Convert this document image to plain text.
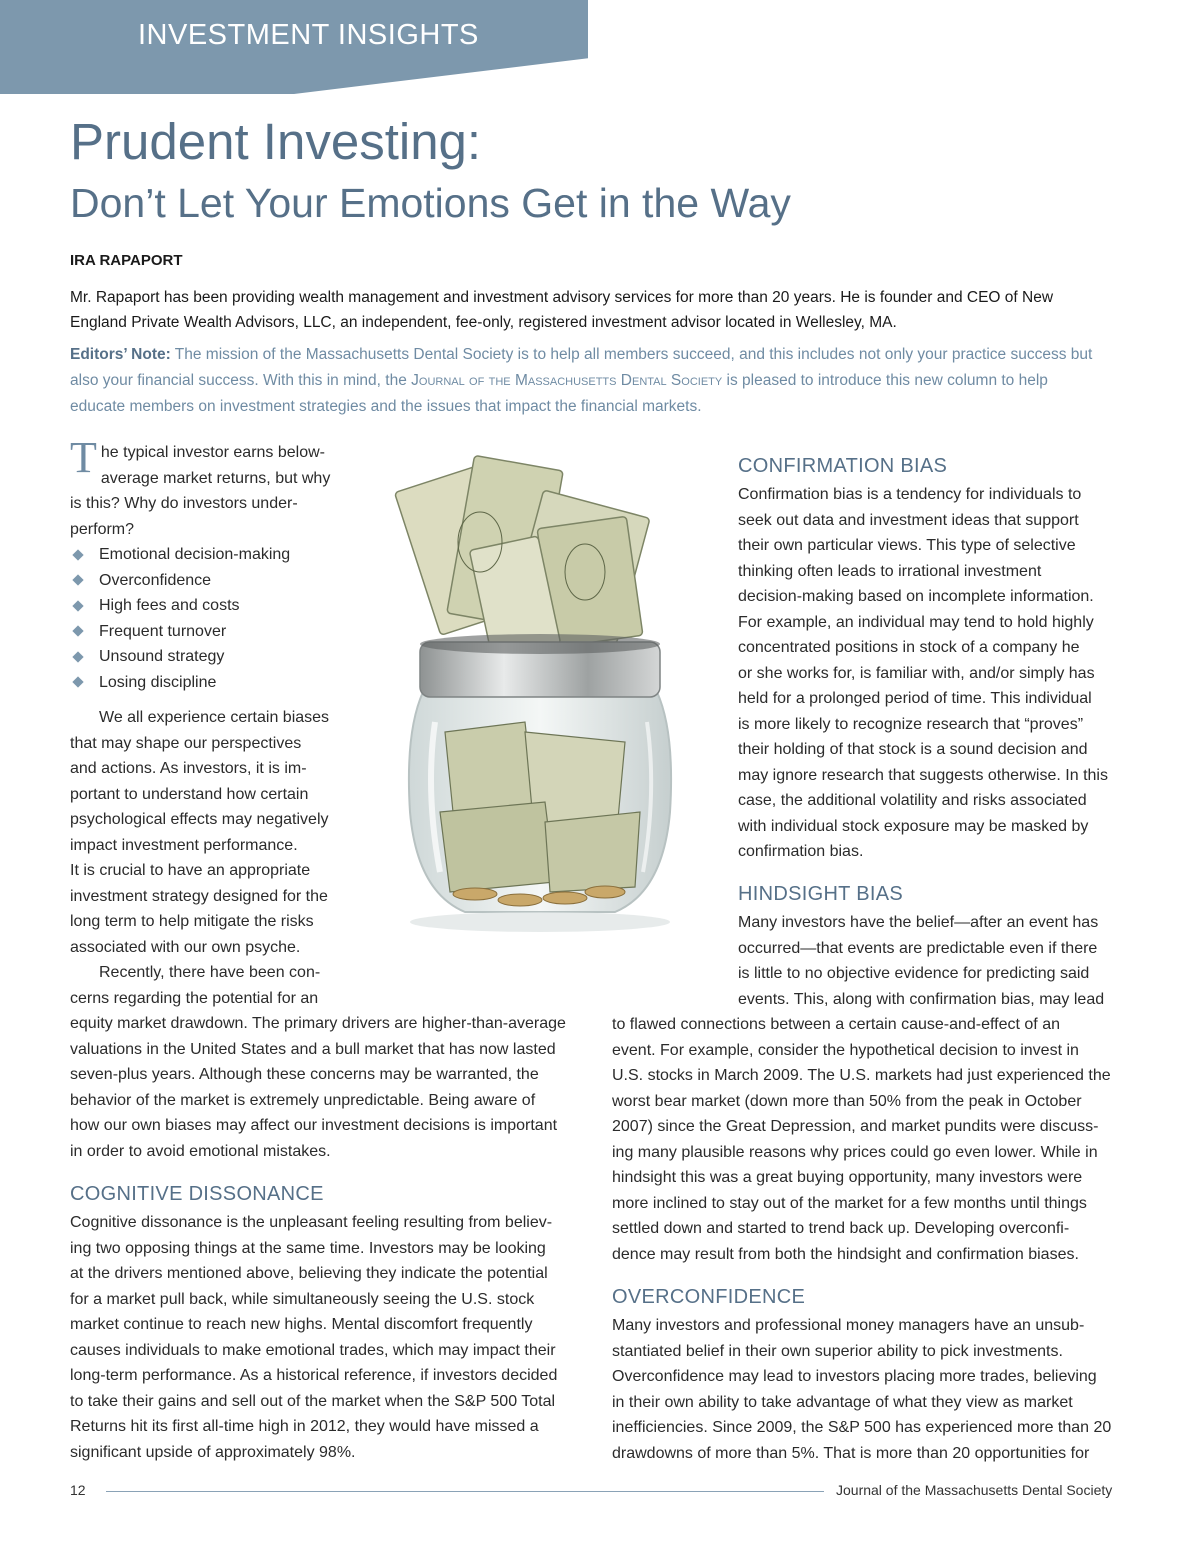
INVESTMENT INSIGHTS
Prudent Investing:
Don’t Let Your Emotions Get in the Way
IRA RAPAPORT
Mr. Rapaport has been providing wealth management and investment advisory services for more than 20 years. He is founder and CEO of New England Private Wealth Advisors, LLC, an independent, fee-only, registered investment advisor located in Wellesley, MA.
Editors’ Note: The mission of the Massachusetts Dental Society is to help all members succeed, and this includes not only your practice success but also your financial success. With this in mind, the Journal of the Massachusetts Dental Society is pleased to introduce this new column to help educate members on investment strategies and the issues that impact the financial markets.
T he typical investor earns below-

average market returns, but why

is this? Why do investors under-
perform?

Emotional decision-making
Overconfidence
High fees and costs
Frequent turnover
Unsound strategy
Losing discipline

We all experience certain biases
that may shape our perspectives
and actions. As investors, it is im-
portant to understand how certain
psychological effects may negatively
impact investment performance.
It is crucial to have an appropriate
investment strategy designed for the
long term to help mitigate the risks
associated with our own psyche.

Recently, there have been con-
cerns regarding the potential for an

equity market drawdown. The primary drivers are higher-than-average
valuations in the United States and a bull market that has now lasted
seven-plus years. Although these concerns may be warranted, the
behavior of the market is extremely unpredictable. Being aware of
how our own biases may affect our investment decisions is important
in order to avoid emotional mistakes.

COGNITIVE DISSONANCE

Cognitive dissonance is the unpleasant feeling resulting from believ-
ing two opposing things at the same time. Investors may be looking
at the drivers mentioned above, believing they indicate the potential
for a market pull back, while simultaneously seeing the U.S. stock
market continue to reach new highs. Mental discomfort frequently
causes individuals to make emotional trades, which may impact their
long-term performance. As a historical reference, if investors decided
to take their gains and sell out of the market when the S&P 500 Total
Returns hit its first all-time high in 2012, they would have missed a
significant upside of approximately 98%.

CONFIRMATION BIAS

Confirmation bias is a tendency for individuals to
seek out data and investment ideas that support
their own particular views. This type of selective
thinking often leads to irrational investment
decision-making based on incomplete information.
For example, an individual may tend to hold highly
concentrated positions in stock of a company he
or she works for, is familiar with, and/or simply has
held for a prolonged period of time. This individual
is more likely to recognize research that “proves”
their holding of that stock is a sound decision and
may ignore research that suggests otherwise. In this
case, the additional volatility and risks associated
with individual stock exposure may be masked by
confirmation bias.

HINDSIGHT BIAS

Many investors have the belief—after an event has
occurred—that events are predictable even if there
is little to no objective evidence for predicting said
events. This, along with confirmation bias, may lead

to flawed connections between a certain cause-and-effect of an
event. For example, consider the hypothetical decision to invest in
U.S. stocks in March 2009. The U.S. markets had just experienced the
worst bear market (down more than 50% from the peak in October
2007) since the Great Depression, and market pundits were discuss-
ing many plausible reasons why prices could go even lower. While in
hindsight this was a great buying opportunity, many investors were
more inclined to stay out of the market for a few months until things
settled down and started to trend back up. Developing overconfi-
dence may result from both the hindsight and confirmation biases.

OVERCONFIDENCE

Many investors and professional money managers have an unsub-
stantiated belief in their own superior ability to pick investments.
Overconfidence may lead to investors placing more trades, believing
in their own ability to take advantage of what they view as market
inefficiencies. Since 2009, the S&P 500 has experienced more than 20
drawdowns of more than 5%. That is more than 20 opportunities for

12	Journal of the Massachusetts Dental Society
